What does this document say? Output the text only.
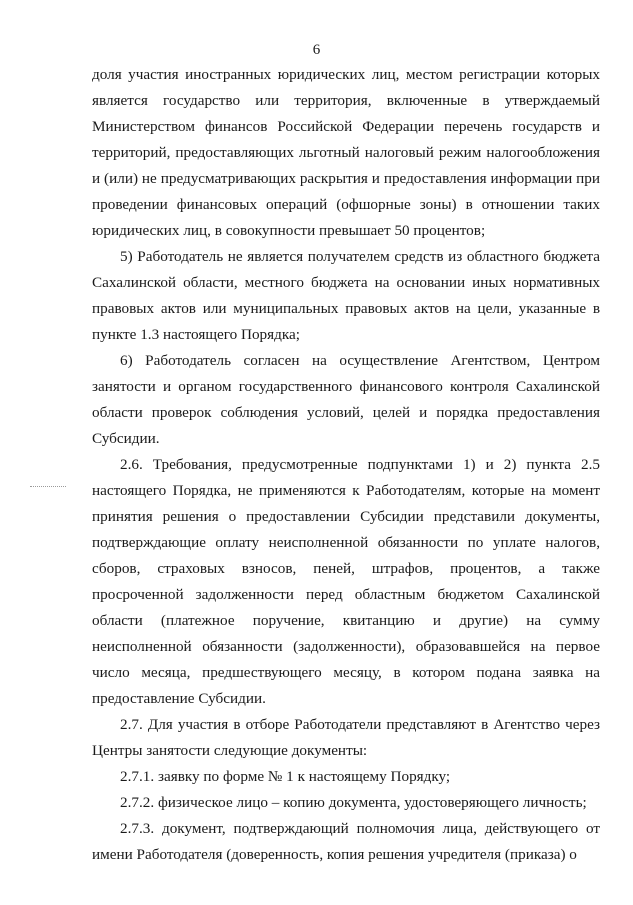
6

доля участия иностранных юридических лиц, местом регистрации которых является государство или территория, включенные в утверждаемый Министерством финансов Российской Федерации перечень государств и территорий, предоставляющих льготный налоговый режим налогообложения и (или) не предусматривающих раскрытия и предоставления информации при проведении финансовых операций (офшорные зоны) в отношении таких юридических лиц, в совокупности превышает 50 процентов;

5) Работодатель не является получателем средств из областного бюджета Сахалинской области, местного бюджета на основании иных нормативных правовых актов или муниципальных правовых актов на цели, указанные в пункте 1.3 настоящего Порядка;

6) Работодатель согласен на осуществление Агентством, Центром занятости и органом государственного финансового контроля Сахалинской области проверок соблюдения условий, целей и порядка предоставления Субсидии.

2.6. Требования, предусмотренные подпунктами 1) и 2) пункта 2.5 настоящего Порядка, не применяются к Работодателям, которые на момент принятия решения о предоставлении Субсидии представили документы, подтверждающие оплату неисполненной обязанности по уплате налогов, сборов, страховых взносов, пеней, штрафов, процентов, а также просроченной задолженности перед областным бюджетом Сахалинской области (платежное поручение, квитанцию и другие) на сумму неисполненной обязанности (задолженности), образовавшейся на первое число месяца, предшествующего месяцу, в котором подана заявка на предоставление Субсидии.

2.7. Для участия в отборе Работодатели представляют в Агентство через Центры занятости следующие документы:

2.7.1. заявку по форме № 1 к настоящему Порядку;

2.7.2. физическое лицо – копию документа, удостоверяющего личность;

2.7.3. документ, подтверждающий полномочия лица, действующего от имени Работодателя (доверенность, копия решения учредителя (приказа) о
